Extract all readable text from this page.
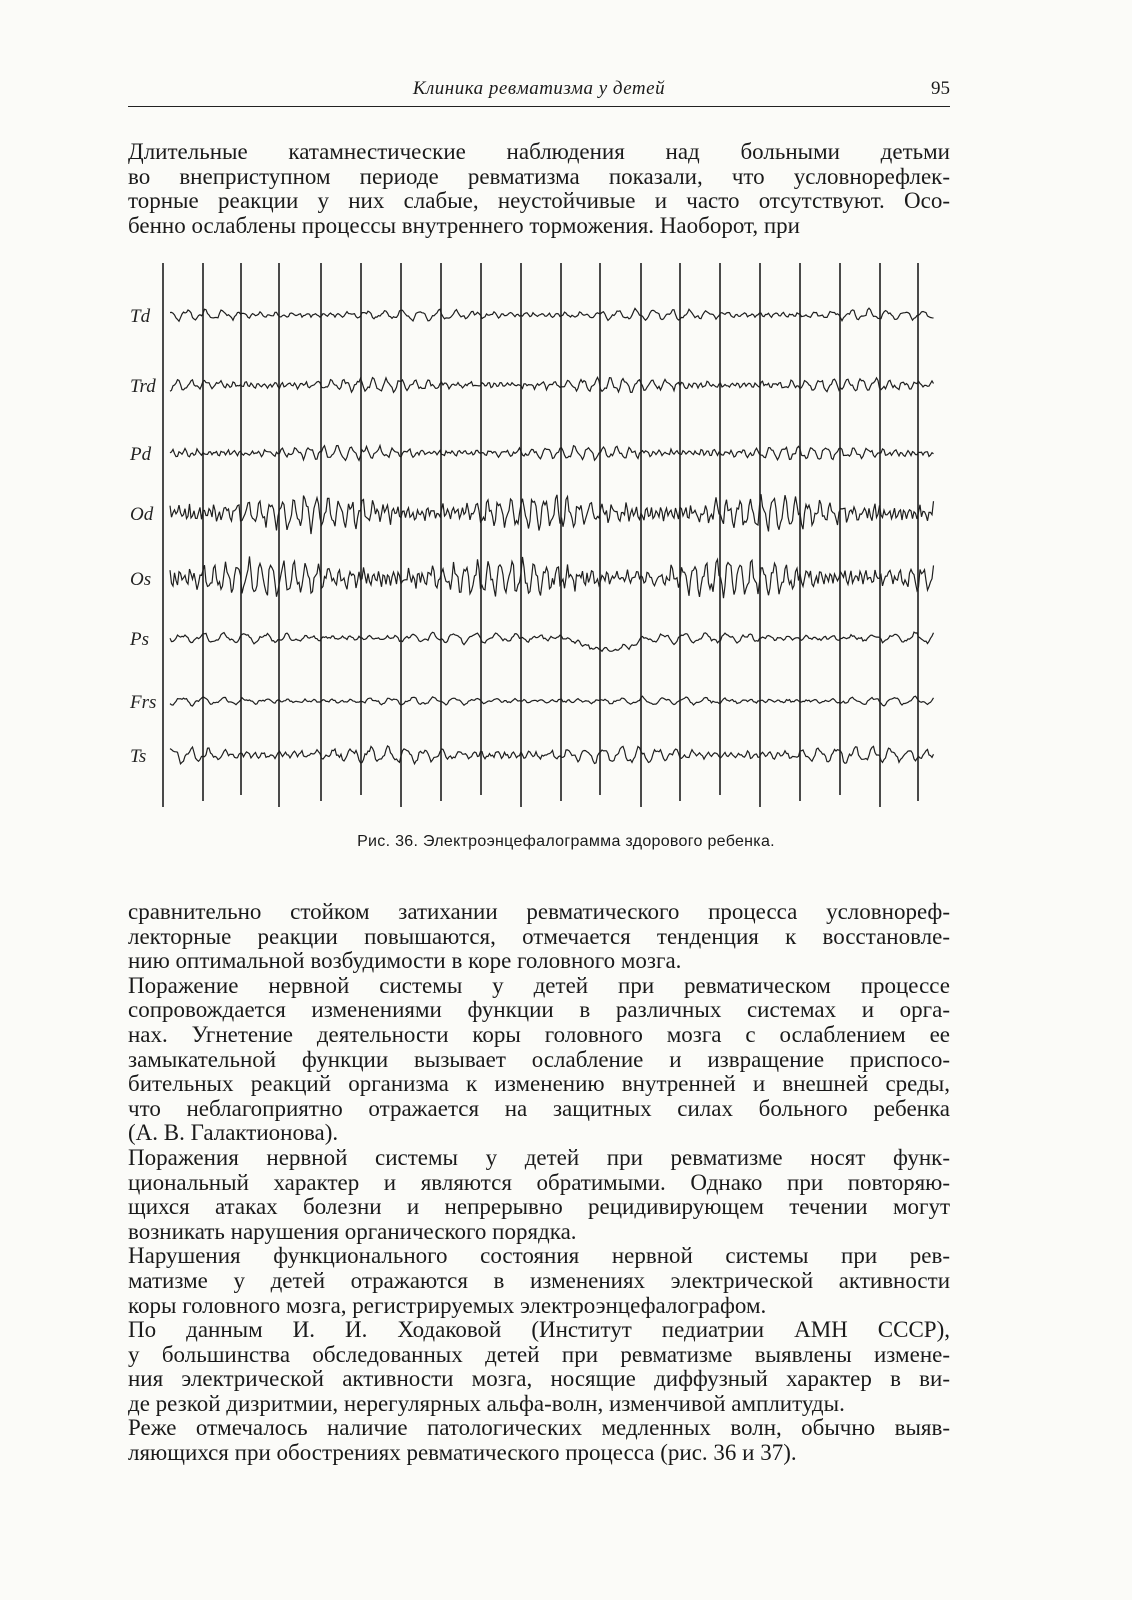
Клиника ревматизма у детей	95
Длительные катамнестические наблюдения над больными детьми
во внеприступном периоде ревматизма показали, что условнорефлек-
торные реакции у них слабые, неустойчивые и часто отсутствуют. Осо-
бенно ослаблены процессы внутреннего торможения. Наоборот, при
Td
Trd
Pd
Od
Os
Ps
Frs
Ts
Рис. 36. Электроэнцефалограмма здорового ребенка.
сравнительно стойком затихании ревматического процесса условнореф-
лекторные реакции повышаются, отмечается тенденция к восстановле-
нию оптимальной возбудимости в коре головного мозга.
Поражение нервной системы у детей при ревматическом процессе
сопровождается изменениями функции в различных системах и орга-
нах. Угнетение деятельности коры головного мозга с ослаблением ее
замыкательной функции вызывает ослабление и извращение приспосо-
бительных реакций организма к изменению внутренней и внешней среды,
что неблагоприятно отражается на защитных силах больного ребенка
(А. В. Галактионова).
Поражения нервной системы у детей при ревматизме носят функ-
циональный характер и являются обратимыми. Однако при повторяю-
щихся атаках болезни и непрерывно рецидивирующем течении могут
возникать нарушения органического порядка.
Нарушения функционального состояния нервной системы при рев-
матизме у детей отражаются в изменениях электрической активности
коры головного мозга, регистрируемых электроэнцефалографом.
По данным И. И. Ходаковой (Институт педиатрии АМН СССР),
у большинства обследованных детей при ревматизме выявлены измене-
ния электрической активности мозга, носящие диффузный характер в ви-
де резкой дизритмии, нерегулярных альфа-волн, изменчивой амплитуды.
Реже отмечалось наличие патологических медленных волн, обычно выяв-
ляющихся при обострениях ревматического процесса (рис. 36 и 37).
